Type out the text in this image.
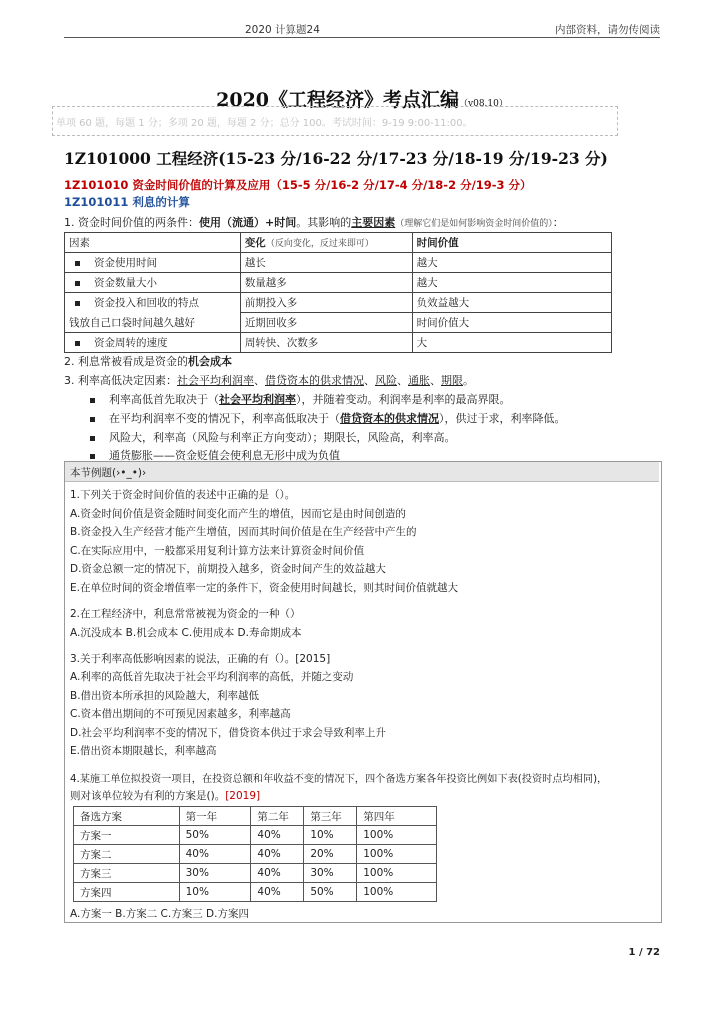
2020 计算题24	内部资料，请勿传阅读
2020《工程经济》考点汇编（v08.10）
单项 60 题，每题 1 分；多项 20 题，每题 2 分；总分 100。考试时间：9-19 9:00-11:00。
1Z101000 工程经济(15-23 分/16-22 分/17-23 分/18-19 分/19-23 分)
1Z101010 资金时间价值的计算及应用（15-5 分/16-2 分/17-4 分/18-2 分/19-3 分）
1Z101011 利息的计算
1. 资金时间价值的两条件：使用（流通）+时间。其影响的主要因素（理解它们是如何影响资金时间价值的）：
因素	变化（反向变化，反过来即可）	时间价值
资金使用时间	越长	越大
资金数量大小	数量越多	越大
资金投入和回收的特点	前期投入多	负效益越大
钱放自己口袋时间越久越好	近期回收多	时间价值大
资金周转的速度	周转快、次数多	大
2. 利息常被看成是资金的机会成本
3. 利率高低决定因素：社会平均利润率、借贷资本的供求情况、风险、通胀、期限。
利率高低首先取决于（社会平均利润率），并随着变动。利润率是利率的最高界限。
在平均利润率不变的情况下，利率高低取决于（借贷资本的供求情况），供过于求，利率降低。
风险大，利率高（风险与利率正方向变动）；期限长，风险高，利率高。
通货膨胀——资金贬值会使利息无形中成为负值
本节例题(›•_•)›
1.下列关于资金时间价值的表述中正确的是（）。
A.资金时间价值是资金随时间变化而产生的增值，因而它是由时间创造的
B.资金投入生产经营才能产生增值，因而其时间价值是在生产经营中产生的
C.在实际应用中，一般都采用复利计算方法来计算资金时间价值
D.资金总额一定的情况下，前期投入越多，资金时间产生的效益越大
E.在单位时间的资金增值率一定的条件下，资金使用时间越长，则其时间价值就越大
2.在工程经济中，利息常常被视为资金的一种（）
A.沉没成本 B.机会成本 C.使用成本 D.寿命期成本
3.关于利率高低影响因素的说法，正确的有（）。[2015]
A.利率的高低首先取决于社会平均利润率的高低，并随之变动
B.借出资本所承担的风险越大，利率越低
C.资本借出期间的不可预见因素越多，利率越高
D.社会平均利润率不变的情况下，借贷资本供过于求会导致利率上升
E.借出资本期限越长，利率越高
4.某施工单位拟投资一项目，在投资总额和年收益不变的情况下，四个备选方案各年投资比例如下表(投资时点均相同)，
则对该单位较为有利的方案是()。[2019]
备选方案	第一年	第二年	第三年	第四年
方案一	50%	40%	10%	100%
方案二	40%	40%	20%	100%
方案三	30%	40%	30%	100%
方案四	10%	40%	50%	100%
A.方案一 B.方案二 C.方案三 D.方案四
1 / 72
